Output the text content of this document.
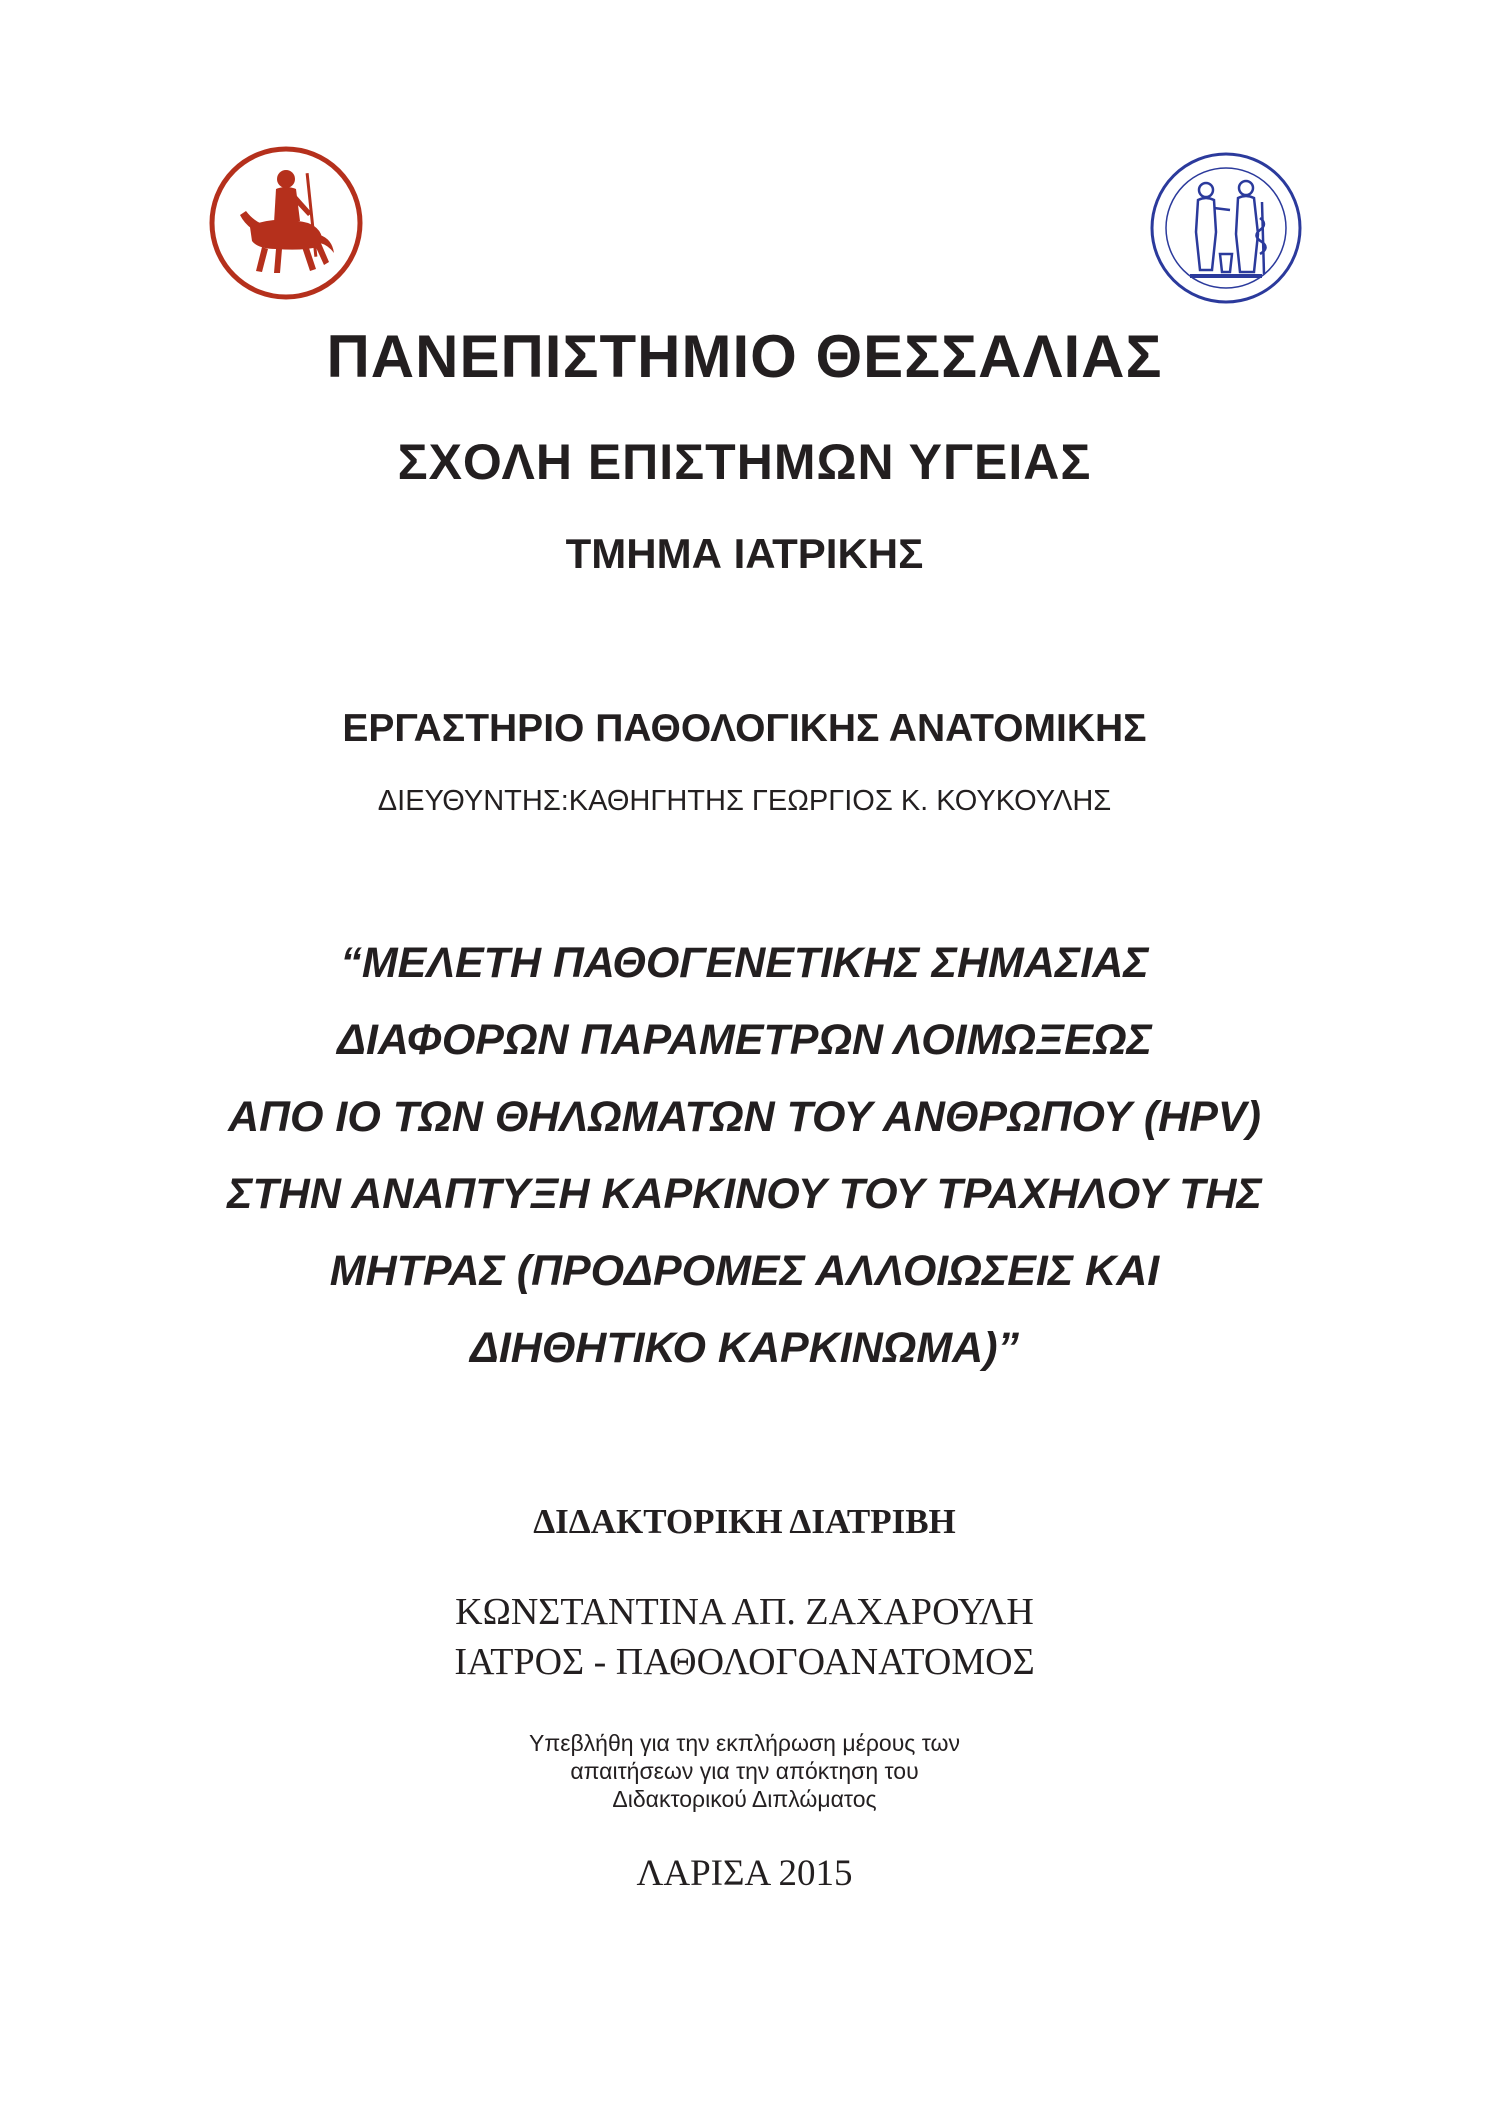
ΠΑΝΕΠΙΣΤΗΜΙΟ ΘΕΣΣΑΛΙΑΣ
ΣΧΟΛΗ ΕΠΙΣΤΗΜΩΝ ΥΓΕΙΑΣ
ΤΜΗΜΑ ΙΑΤΡΙΚΗΣ
ΕΡΓΑΣΤΗΡΙΟ ΠΑΘΟΛΟΓΙΚΗΣ ΑΝΑΤΟΜΙΚΗΣ
ΔΙΕΥΘΥΝΤΗΣ:ΚΑΘΗΓΗΤΗΣ ΓΕΩΡΓΙΟΣ Κ. ΚΟΥΚΟΥΛΗΣ
“ΜΕΛΕΤΗ ΠΑΘΟΓΕΝΕΤΙΚΗΣ ΣΗΜΑΣΙΑΣ
ΔΙΑΦΟΡΩΝ ΠΑΡΑΜΕΤΡΩΝ ΛΟΙΜΩΞΕΩΣ
ΑΠΟ ΙΟ ΤΩΝ ΘΗΛΩΜΑΤΩΝ ΤΟΥ ΑΝΘΡΩΠΟΥ (HPV)
ΣΤΗΝ ΑΝΑΠΤΥΞΗ ΚΑΡΚΙΝΟΥ ΤΟΥ ΤΡΑΧΗΛΟΥ ΤΗΣ
ΜΗΤΡΑΣ (ΠΡΟΔΡΟΜΕΣ ΑΛΛΟΙΩΣΕΙΣ ΚΑΙ
ΔΙΗΘΗΤΙΚΟ ΚΑΡΚΙΝΩΜΑ)”
ΔΙΔΑΚΤΟΡΙΚΗ ΔΙΑΤΡΙΒΗ
ΚΩΝΣΤΑΝΤΙΝΑ ΑΠ. ΖΑΧΑΡΟΥΛΗ
ΙΑΤΡΟΣ - ΠΑΘΟΛΟΓΟΑΝΑΤΟΜΟΣ
Υπεβλήθη για την εκπλήρωση μέρους των
απαιτήσεων για την απόκτηση του
Διδακτορικού Διπλώματος
ΛΑΡΙΣΑ 2015
